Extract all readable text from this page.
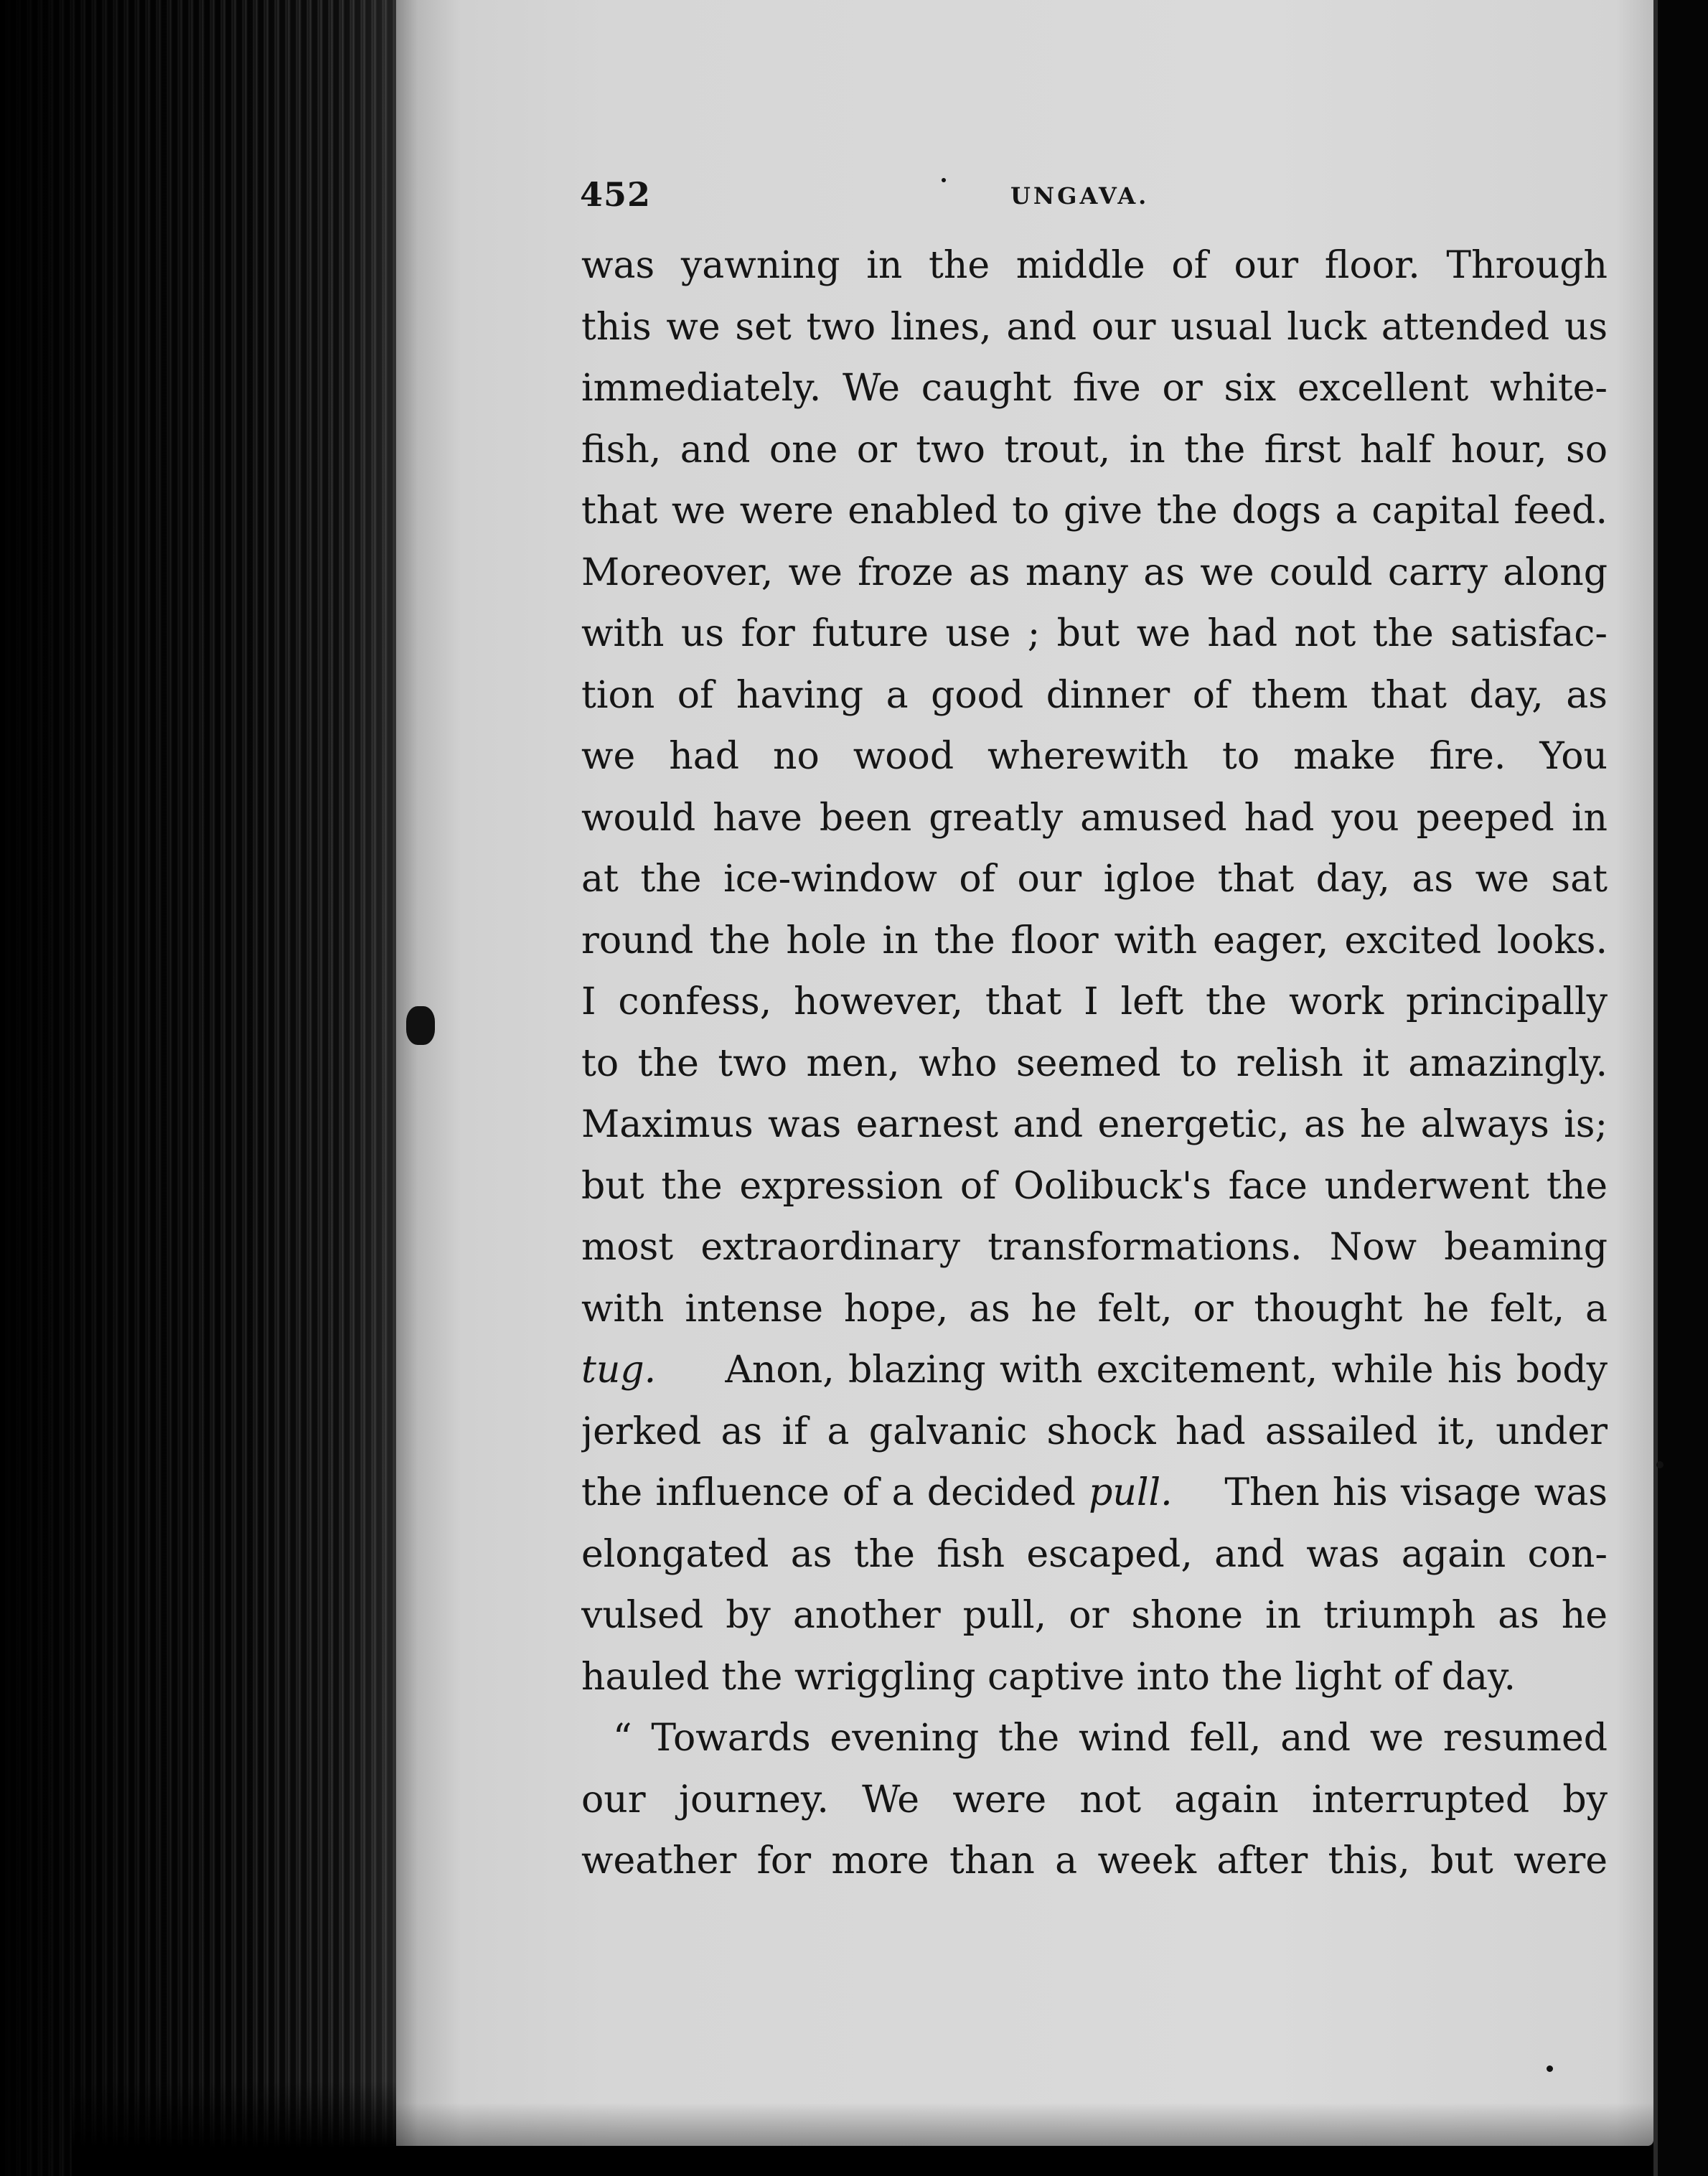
452	UNGAVA.
was yawning in the middle of our floor. Through
this we set two lines, and our usual luck attended us
immediately. We caught five or six excellent white-
fish, and one or two trout, in the first half hour, so
that we were enabled to give the dogs a capital feed.
Moreover, we froze as many as we could carry along
with us for future use ; but we had not the satisfac-
tion of having a good dinner of them that day, as
we had no wood wherewith to make fire. You
would have been greatly amused had you peeped in
at the ice-window of our igloe that day, as we sat
round the hole in the floor with eager, excited looks.
I confess, however, that I left the work principally
to the two men, who seemed to relish it amazingly.
Maximus was earnest and energetic, as he always is;
but the expression of Oolibuck's face underwent the
most extraordinary transformations. Now beaming
with intense hope, as he felt, or thought he felt, a
tug. Anon, blazing with excitement, while his body
jerked as if a galvanic shock had assailed it, under
the influence of a decided pull. Then his visage was
elongated as the fish escaped, and was again con-
vulsed by another pull, or shone in triumph as he
hauled the wriggling captive into the light of day.
“ Towards evening the wind fell, and we resumed
our journey. We were not again interrupted by
weather for more than a week after this, but were
